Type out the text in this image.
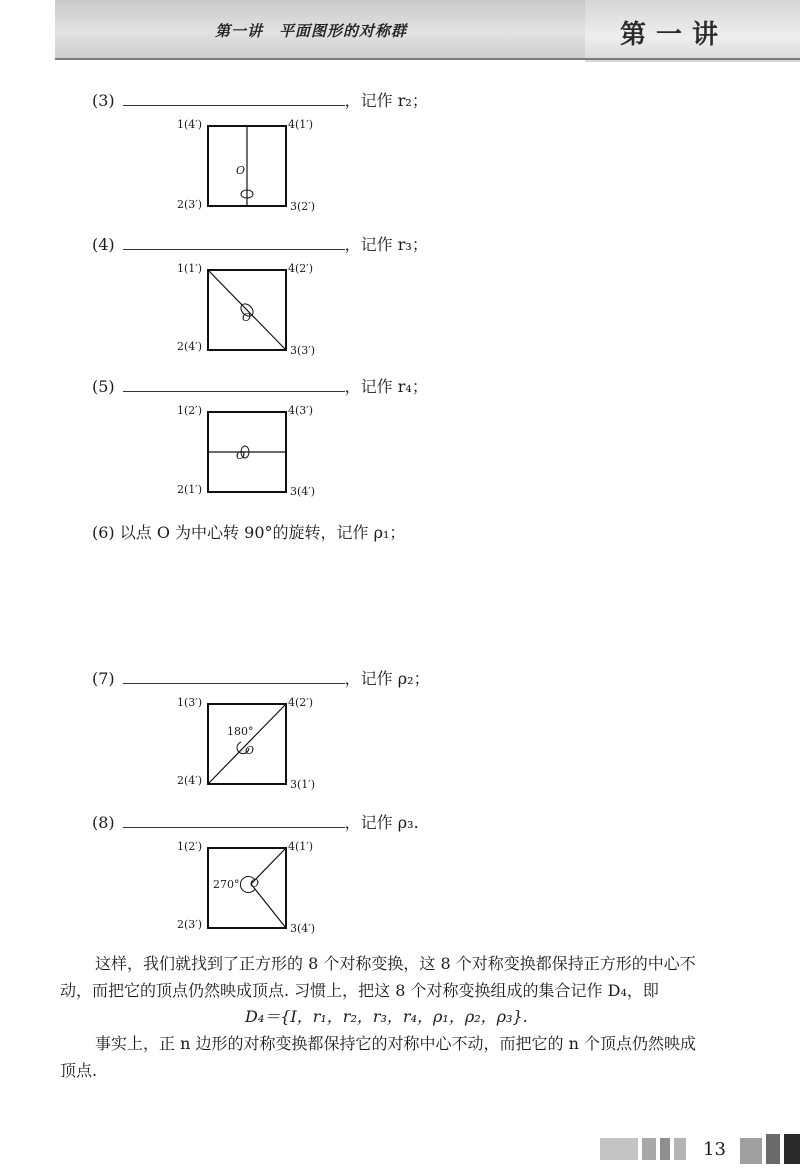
第一讲　平面图形的对称群	第一讲
(3)	，记作 r₂；
1(4′)	4(1′)
2(3′)	3(2′)
O
(4)	，记作 r₃；
1(1′)	4(2′)
2(4′)	3(3′)
O
(5)	，记作 r₄；
1(2′)	4(3′)
2(1′)	3(4′)
O
(6) 以点 O 为中心转 90°的旋转，记作 ρ₁；
(7)	，记作 ρ₂；
1(3′)	4(2′)
2(4′)	3(1′)
180°
O
(8)	，记作 ρ₃.
1(2′)	4(1′)
2(3′)	3(4′)
270° O
这样，我们就找到了正方形的 8 个对称变换，这 8 个对称变换都保持正方形的中心不
动，而把它的顶点仍然映成顶点. 习惯上，把这 8 个对称变换组成的集合记作 D₄，即
D₄＝{I，r₁，r₂，r₃，r₄，ρ₁，ρ₂，ρ₃}.
事实上，正 n 边形的对称变换都保持它的对称中心不动，而把它的 n 个顶点仍然映成
顶点.
13
